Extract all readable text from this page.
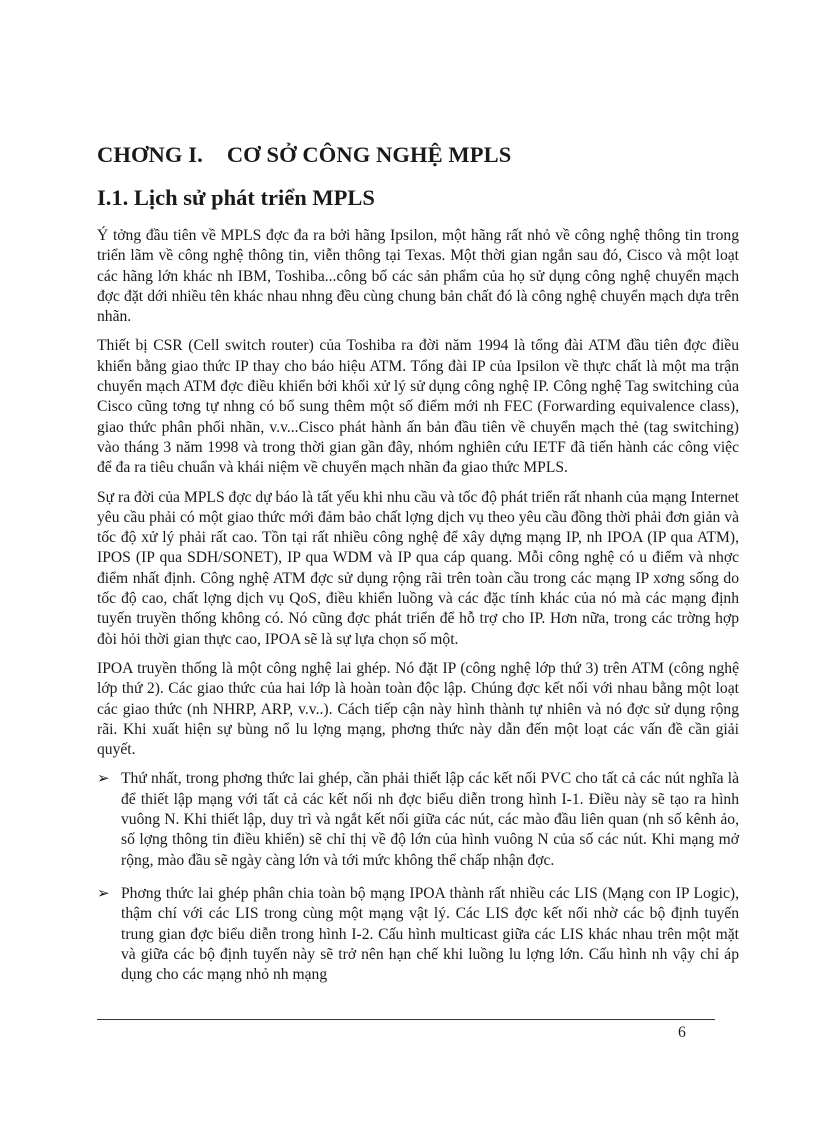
CHƠNG I. CƠ SỞ CÔNG NGHỆ MPLS
I.1. Lịch sử phát triển MPLS

Ý tởng đầu tiên về MPLS đợc đa ra bởi hãng Ipsilon, một hãng rất nhỏ về công nghệ thông tin trong triển lãm về công nghệ thông tin, viễn thông tại Texas. Một thời gian ngắn sau đó, Cisco và một loạt các hãng lớn khác nh IBM, Toshiba...công bố các sản phẩm của họ sử dụng công nghệ chuyển mạch đợc đặt dới nhiều tên khác nhau nhng đều cùng chung bản chất đó là công nghệ chuyển mạch dựa trên nhãn.

Thiết bị CSR (Cell switch router) của Toshiba ra đời năm 1994 là tổng đài ATM đầu tiên đợc điều khiển bằng giao thức IP thay cho báo hiệu ATM. Tổng đài IP của Ipsilon về thực chất là một ma trận chuyển mạch ATM đợc điều khiển bởi khối xử lý sử dụng công nghệ IP. Công nghệ Tag switching của Cisco cũng tơng tự nhng có bổ sung thêm một số điểm mới nh FEC (Forwarding equivalence class), giao thức phân phối nhãn, v.v...Cisco phát hành ấn bản đầu tiên về chuyển mạch thẻ (tag switching) vào tháng 3 năm 1998 và trong thời gian gần đây, nhóm nghiên cứu IETF đã tiến hành các công việc để đa ra tiêu chuẩn và khái niệm về chuyển mạch nhãn đa giao thức MPLS.

Sự ra đời của MPLS đợc dự báo là tất yếu khi nhu cầu và tốc độ phát triển rất nhanh của mạng Internet yêu cầu phải có một giao thức mới đảm bảo chất lợng dịch vụ theo yêu cầu đồng thời phải đơn giản và tốc độ xử lý phải rất cao. Tồn tại rất nhiều công nghệ để xây dựng mạng IP, nh IPOA (IP qua ATM), IPOS (IP qua SDH/SONET), IP qua WDM và IP qua cáp quang. Mỗi công nghệ có u điểm và nhợc điểm nhất định. Công nghệ ATM đợc sử dụng rộng rãi trên toàn cầu trong các mạng IP xơng sống do tốc độ cao, chất lợng dịch vụ QoS, điều khiển luồng và các đặc tính khác của nó mà các mạng định tuyến truyền thống không có. Nó cũng đợc phát triển để hỗ trợ cho IP. Hơn nữa, trong các trờng hợp đòi hỏi thời gian thực cao, IPOA sẽ là sự lựa chọn số một.

IPOA truyền thống là một công nghệ lai ghép. Nó đặt IP (công nghệ lớp thứ 3) trên ATM (công nghệ lớp thứ 2). Các giao thức của hai lớp là hoàn toàn độc lập. Chúng đợc kết nối với nhau bằng một loạt các giao thức (nh NHRP, ARP, v.v..). Cách tiếp cận này hình thành tự nhiên và nó đợc sử dụng rộng rãi. Khi xuất hiện sự bùng nổ lu lợng mạng, phơng thức này dẫn đến một loạt các vấn đề cần giải quyết.

➢ Thứ nhất, trong phơng thức lai ghép, cần phải thiết lập các kết nối PVC cho tất cả các nút nghĩa là để thiết lập mạng với tất cả các kết nối nh đợc biểu diễn trong hình I-1. Điều này sẽ tạo ra hình vuông N. Khi thiết lập, duy trì và ngắt kết nối giữa các nút, các mào đầu liên quan (nh số kênh ảo, số lợng thông tin điều khiển) sẽ chỉ thị về độ lớn của hình vuông N của số các nút. Khi mạng mở rộng, mào đầu sẽ ngày càng lớn và tới mức không thể chấp nhận đợc.

➢ Phơng thức lai ghép phân chia toàn bộ mạng IPOA thành rất nhiều các LIS (Mạng con IP Logic), thậm chí với các LIS trong cùng một mạng vật lý. Các LIS đợc kết nối nhờ các bộ định tuyến trung gian đợc biểu diễn trong hình I-2. Cấu hình multicast giữa các LIS khác nhau trên một mặt và giữa các bộ định tuyến này sẽ trở nên hạn chế khi luồng lu lợng lớn. Cấu hình nh vậy chỉ áp dụng cho các mạng nhỏ nh mạng

6
